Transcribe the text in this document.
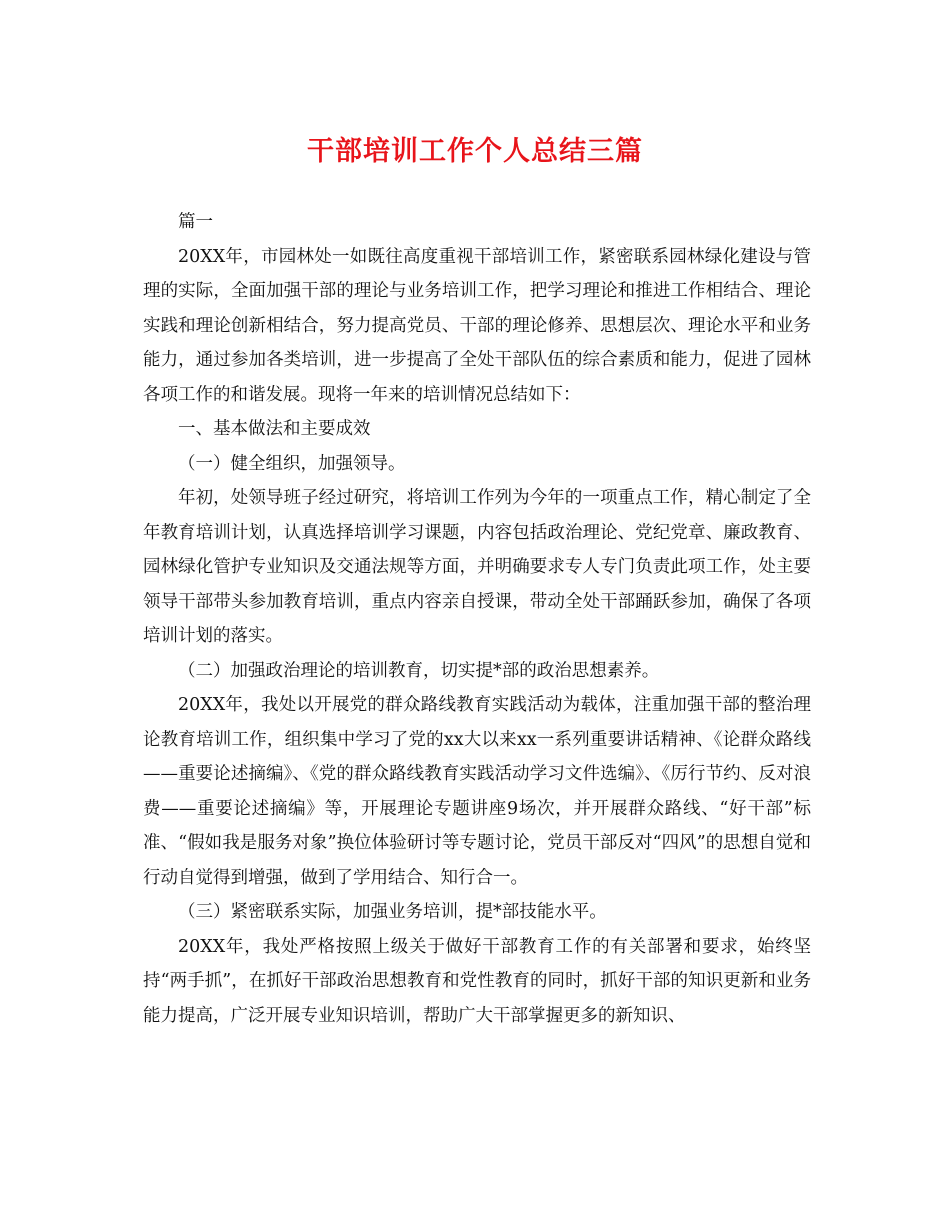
干部培训工作个人总结三篇

篇一

20XX年，市园林处一如既往高度重视干部培训工作，紧密联系园林绿化建设与管理的实际，全面加强干部的理论与业务培训工作，把学习理论和推进工作相结合、理论实践和理论创新相结合，努力提高党员、干部的理论修养、思想层次、理论水平和业务能力，通过参加各类培训，进一步提高了全处干部队伍的综合素质和能力，促进了园林各项工作的和谐发展。现将一年来的培训情况总结如下：

一、基本做法和主要成效

（一）健全组织，加强领导。

年初，处领导班子经过研究，将培训工作列为今年的一项重点工作，精心制定了全年教育培训计划，认真选择培训学习课题，内容包括政治理论、党纪党章、廉政教育、园林绿化管护专业知识及交通法规等方面，并明确要求专人专门负责此项工作，处主要领导干部带头参加教育培训，重点内容亲自授课，带动全处干部踊跃参加，确保了各项培训计划的落实。

（二）加强政治理论的培训教育，切实提*部的政治思想素养。

20XX年，我处以开展党的群众路线教育实践活动为载体，注重加强干部的整治理论教育培训工作，组织集中学习了党的xx大以来xx一系列重要讲话精神、《论群众路线——重要论述摘编》、《党的群众路线教育实践活动学习文件选编》、《厉行节约、反对浪费——重要论述摘编》等，开展理论专题讲座9场次，并开展群众路线、“好干部”标准、“假如我是服务对象”换位体验研讨等专题讨论，党员干部反对“四风”的思想自觉和行动自觉得到增强，做到了学用结合、知行合一。

（三）紧密联系实际，加强业务培训，提*部技能水平。

20XX年，我处严格按照上级关于做好干部教育工作的有关部署和要求，始终坚持“两手抓”，在抓好干部政治思想教育和党性教育的同时，抓好干部的知识更新和业务能力提高，广泛开展专业知识培训，帮助广大干部掌握更多的新知识、
